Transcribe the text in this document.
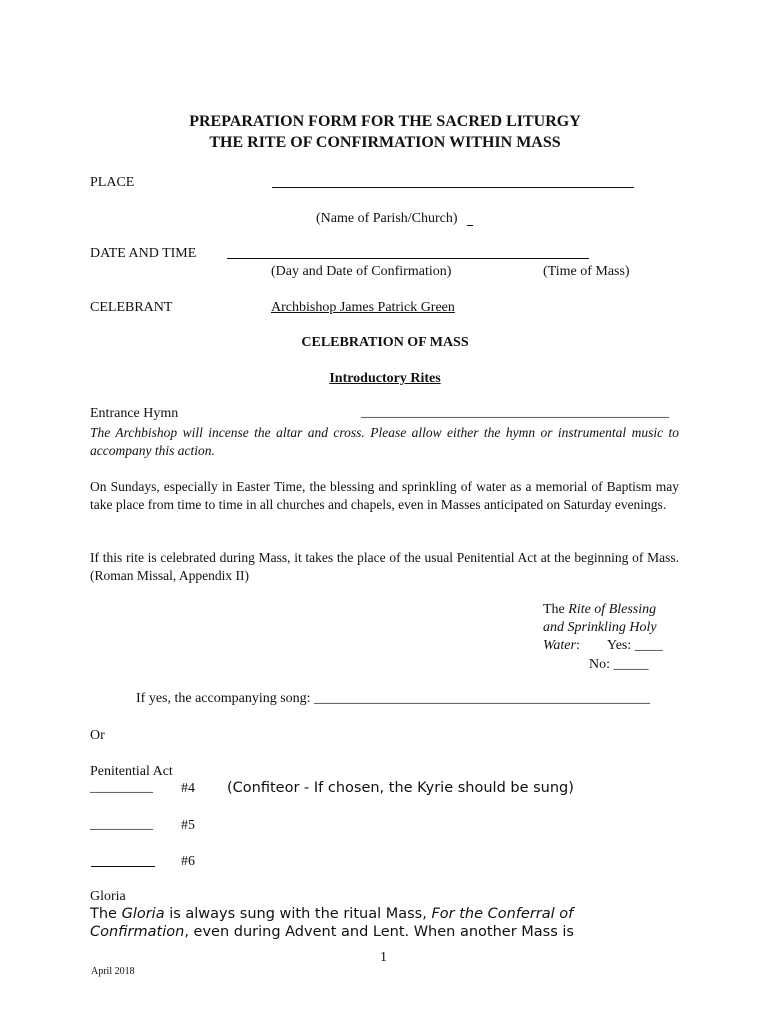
PREPARATION FORM FOR THE SACRED LITURGY
THE RITE OF CONFIRMATION WITHIN MASS
PLACE
(Name of Parish/Church)
DATE AND TIME
(Day and Date of Confirmation)	(Time of Mass)
CELEBRANT	Archbishop James Patrick Green
CELEBRATION OF MASS
Introductory Rites
Entrance Hymn	____________________________________________
The Archbishop will incense the altar and cross. Please allow either the hymn or instrumental music to accompany this action.
On Sundays, especially in Easter Time, the blessing and sprinkling of water as a memorial of Baptism may take place from time to time in all churches and chapels, even in Masses anticipated on Saturday evenings.
If this rite is celebrated during Mass, it takes the place of the usual Penitential Act at the beginning of Mass. (Roman Missal, Appendix II)
The Rite of Blessing
and Sprinkling Holy
Water: Yes: ____
No: _____
If yes, the accompanying song: ________________________________________________
Or
Penitential Act
_________ #4 (Confiteor - If chosen, the Kyrie should be sung)
_________ #5
#6
Gloria
The Gloria is always sung with the ritual Mass, For the Conferral of
Confirmation, even during Advent and Lent. When another Mass is
1
April 2018
